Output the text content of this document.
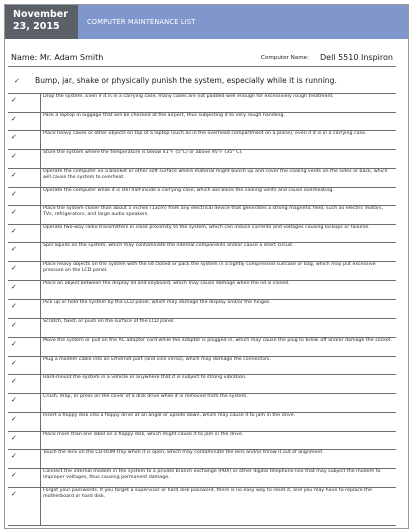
November 23, 2015	COMPUTER MAINTENANCE LIST
Name: Mr. Adam Smith	Computer Name: Dell 5510 Inspiron
✓ Bump, jar, shake or physically punish the system, especially while it is running.
✓	Drop the system. Even if it is in a carrying case, many cases are not padded well enough for excessively rough treatment.
✓	Pack a laptop in luggage that will be checked at the airport, thus subjecting it to very rough handling.
✓	Place heavy cases or other objects on top of a laptop (such as in the overhead compartment on a plane), even if it is in a carrying case.
✓	Store the system where the temperature is below 41°F (5°C) or above 95°F (35° C).
✓	Operate the computer on a blanket or other soft surface where material might bunch up and cover the cooling vents on the sides or back, which will cause the system to overheat.
✓	Operate the computer while it is still half-inside a carrying case, which will block the cooling vents and cause overheating.
✓	Place the system closer than about 5 inches (13cm) from any electrical device that generates a strong magnetic field, such as electric motors, TVs, refrigerators, and large audio speakers.
✓	Operate two-way radio transmitters in close proximity to the system, which can induce currents and voltages causing lockups or failures.
✓	Spill liquids on the system, which may contaminate the internal components and/or cause a short circuit.
✓	Place heavy objects on the system with the lid closed or pack the system in a tightly compressed suitcase or bag, which may put excessive pressure on the LCD panel.
✓	Place an object between the display lid and keyboard, which may cause damage when the lid is closed.
✓	Pick up or hold the system by the LCD panel, which may damage the display and/or the hinges.
✓	Scratch, twist, or push on the surface of the LCD panel.
✓	Move the system or pull on the AC adapter cord while the adapter is plugged in, which may cause the plug to break off and/or damage the socket.
✓	Plug a modem cable into an Ethernet port (and vice versa), which may damage the connectors.
✓	Hard-mount the system in a vehicle or anywhere that it is subject to strong vibration.
✓	Crush, drop, or press on the cover of a disk drive while it is removed from the system.
✓	Insert a floppy disk into a floppy drive at an angle or upside down, which may cause it to jam in the drive.
✓	Place more than one label on a floppy disk, which might cause it to jam in the drive.
✓	Touch the lens on the CD-ROM tray when it is open, which may contaminate the lens and/or throw it out of alignment.
✓	Connect the internal modem in the system to a private branch exchange (PBX) or other digital telephone line that may subject the modem to improper voltages, thus causing permanent damage.
✓	Forget your passwords. If you forget a supervisor or hard disk password, there is no easy way to reset it, and you may have to replace the motherboard or hard disk.
